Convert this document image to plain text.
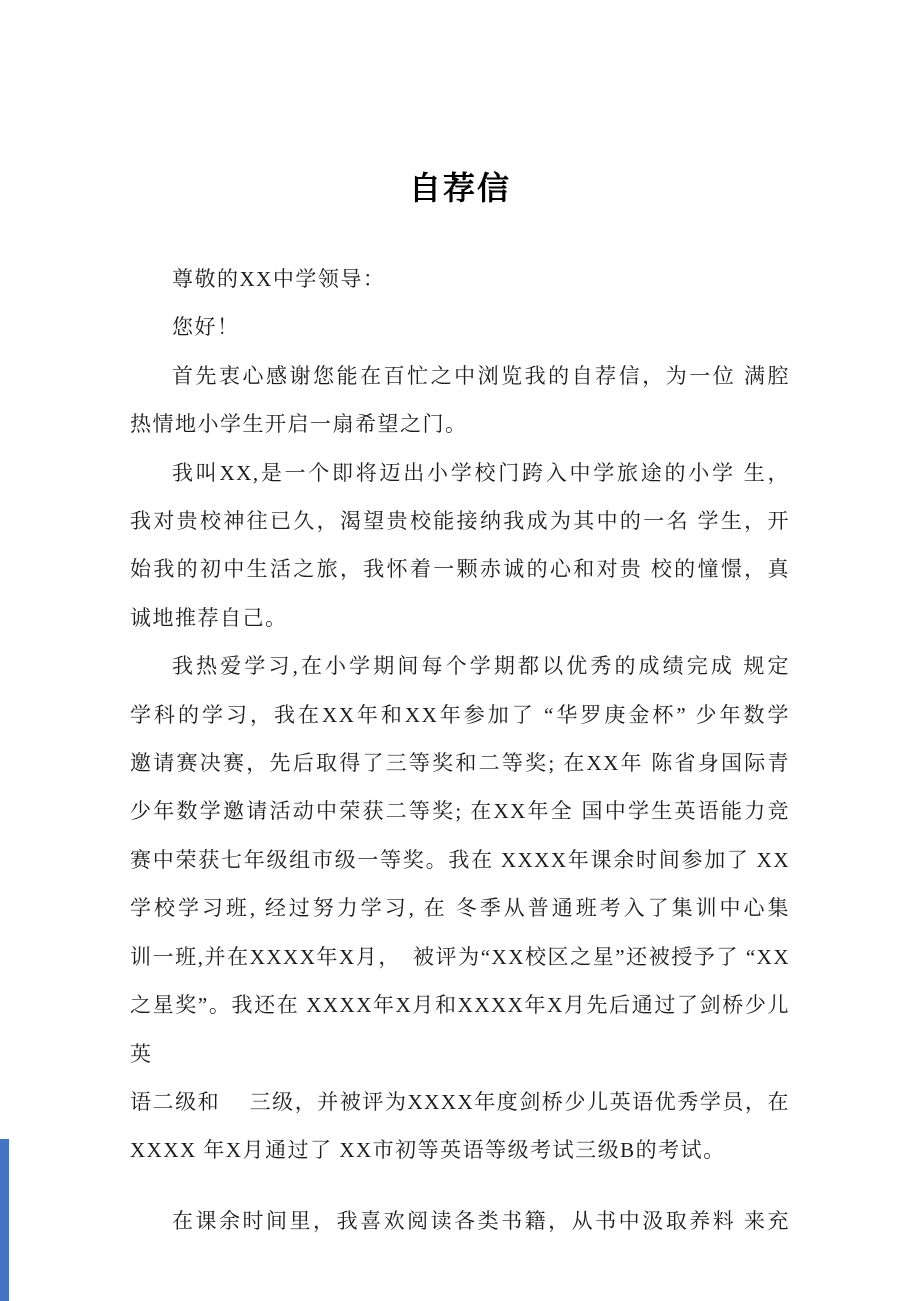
自荐信
尊敬的XX中学领导：
您好！
首先衷心感谢您能在百忙之中浏览我的自荐信，为一位 满腔
热情地小学生开启一扇希望之门。
我叫XX,是一个即将迈出小学校门跨入中学旅途的小学 生，
我对贵校神往已久，渴望贵校能接纳我成为其中的一名 学生，开
始我的初中生活之旅，我怀着一颗赤诚的心和对贵 校的憧憬，真
诚地推荐自己。
我热爱学习,在小学期间每个学期都以优秀的成绩完成 规定
学科的学习，我在XX年和XX年参加了 “华罗庚金杯” 少年数学
邀请赛决赛，先后取得了三等奖和二等奖; 在XX年 陈省身国际青
少年数学邀请活动中荣获二等奖; 在XX年全 国中学生英语能力竞
赛中荣获七年级组市级一等奖。我在 XXXX年课余时间参加了 XX
学校学习班, 经过努力学习, 在 冬季从普通班考入了集训中心集
训一班,并在XXXX年X月，　被评为“XX校区之星”还被授予了 “XX
之星奖”。我还在 XXXX年X月和XXXX年X月先后通过了剑桥少儿英
语二级和　 三级，并被评为XXXX年度剑桥少儿英语优秀学员，在
XXXX 年X月通过了 XX市初等英语等级考试三级B的考试。
在课余时间里，我喜欢阅读各类书籍，从书中汲取养料 来充
